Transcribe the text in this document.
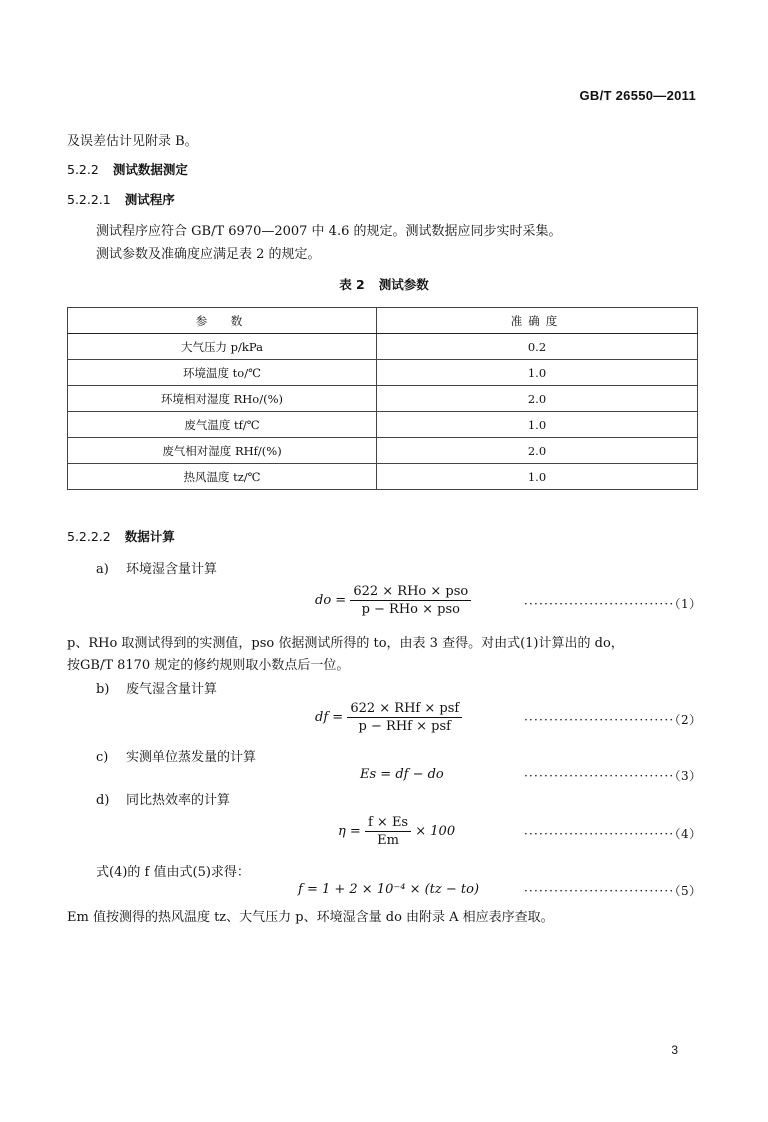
GB/T 26550—2011
及误差估计见附录 B。
5.2.2 测试数据测定
5.2.2.1 测试程序
测试程序应符合 GB/T 6970—2007 中 4.6 的规定。测试数据应同步实时采集。
测试参数及准确度应满足表 2 的规定。
表 2 测试参数
参　数	准确度
大气压力 p/kPa	0.2
环境温度 to/℃	1.0
环境相对湿度 RHo/(%)	2.0
废气温度 tf/℃	1.0
废气相对湿度 RHf/(%)	2.0
热风温度 tz/℃	1.0
5.2.2.2 数据计算
a) 环境湿含量计算
do = $\frac{\text{622 × RHo × pso}}{\text{p − RHo × pso}}$	······························（1）
p、RHo 取测试得到的实测值，pso 依据测试所得的 to，由表 3 查得。对由式(1)计算出的 do，
按GB/T 8170 规定的修约规则取小数点后一位。
b) 废气湿含量计算
df = $\frac{\text{622 × RHf × psf}}{\text{p − RHf × psf}}$	······························（2）
c) 实测单位蒸发量的计算
Es = df − do	······························（3）
d) 同比热效率的计算
$\eta = \frac{f \times Es}{Em} \times 100$	······························（4）
式(4)的 f 值由式(5)求得：
f = 1 + 2 × 10⁻⁴ × (tz − to)	······························（5）
Em 值按测得的热风温度 tz、大气压力 p、环境湿含量 do 由附录 A 相应表序查取。
3
